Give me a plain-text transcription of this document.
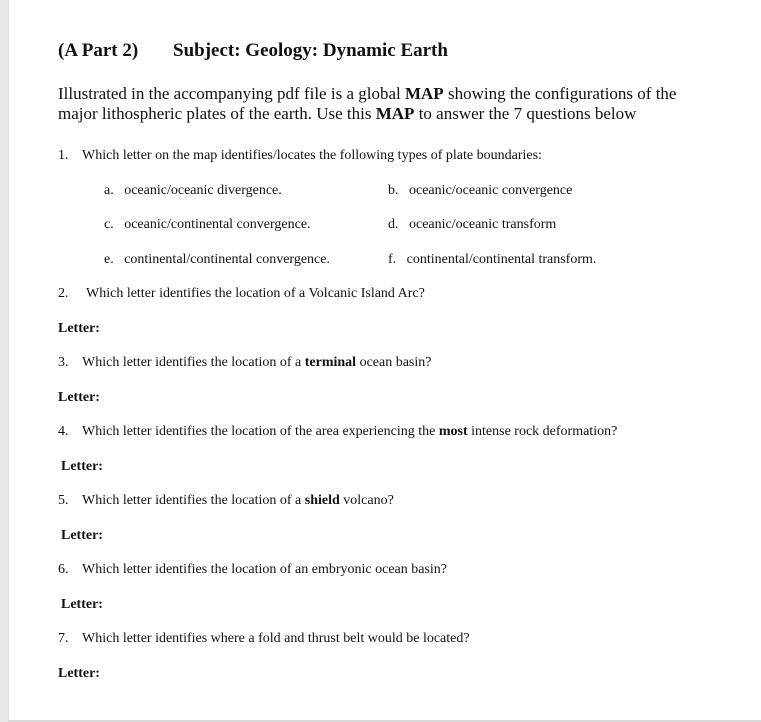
(A Part 2) Subject: Geology: Dynamic Earth
Illustrated in the accompanying pdf file is a global MAP showing the configurations of the major lithospheric plates of the earth. Use this MAP to answer the 7 questions below
1. Which letter on the map identifies/locates the following types of plate boundaries:
a. oceanic/oceanic divergence.	b. oceanic/oceanic convergence
c. oceanic/continental convergence.	d. oceanic/oceanic transform
e. continental/continental convergence.	f. continental/continental transform.
2. Which letter identifies the location of a Volcanic Island Arc?
Letter:
3. Which letter identifies the location of a terminal ocean basin?
Letter:
4. Which letter identifies the location of the area experiencing the most intense rock deformation?
Letter:
5. Which letter identifies the location of a shield volcano?
Letter:
6. Which letter identifies the location of an embryonic ocean basin?
Letter:
7. Which letter identifies where a fold and thrust belt would be located?
Letter:
